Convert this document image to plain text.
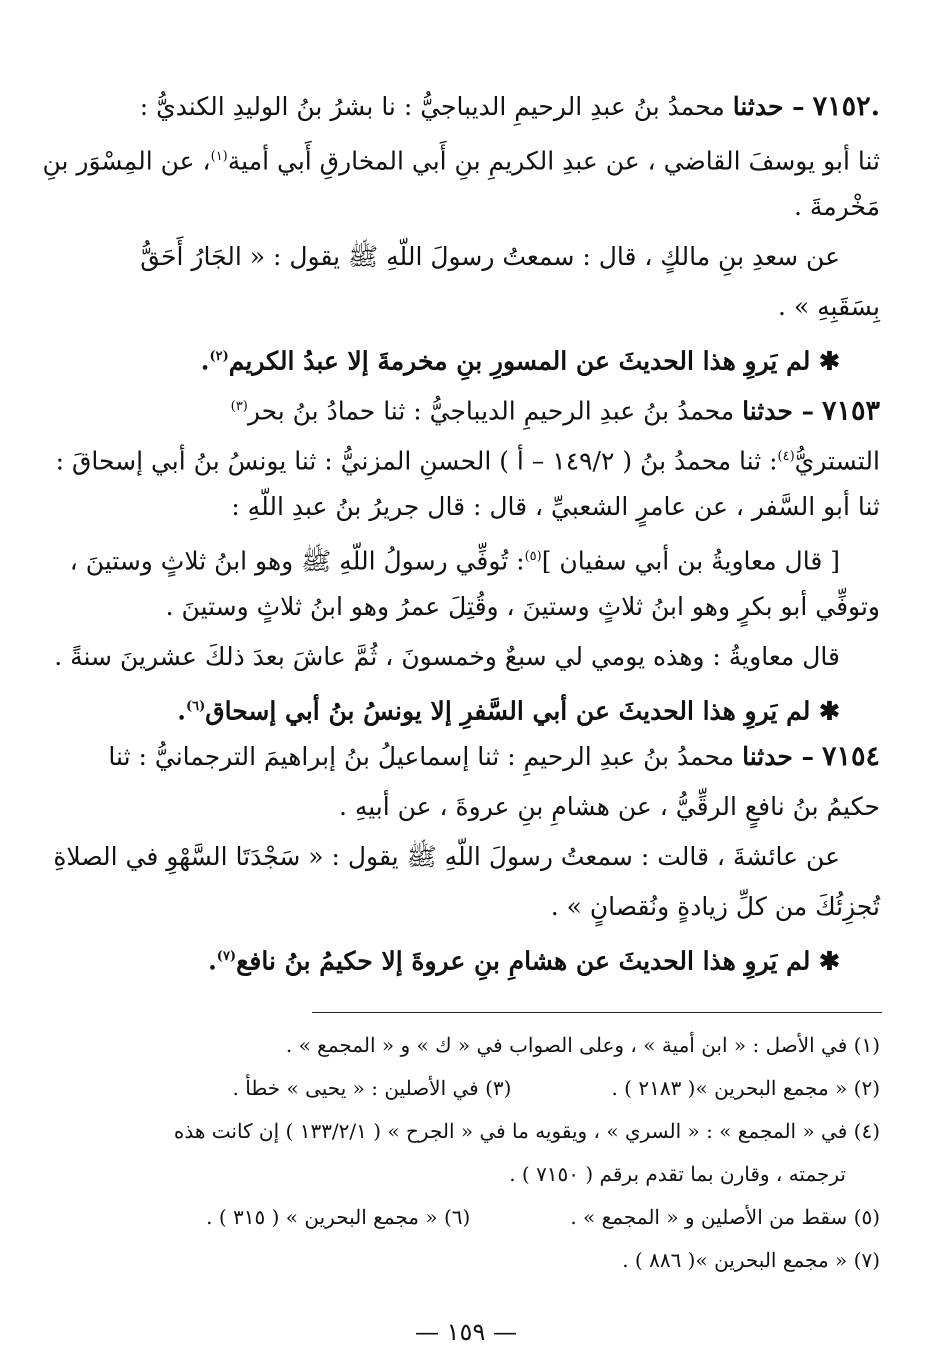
.٧١٥٢ – حدثنا محمدُ بنُ عبدِ الرحيمِ الديباجيُّ : نا بشرُ بنُ الوليدِ الكنديُّ :
ثنا أبو يوسفَ القاضي ، عن عبدِ الكريمِ بنِ أَبي المخارقِ أَبي أمية$^{(١)}$، عن المِسْوَر بنِ
مَخْرمةَ .
عن سعدِ بنِ مالكٍ ، قال : سمعتُ رسولَ اللّهِ ﷺ يقول : « الجَارُ أَحَقُّ
بِسَقَبِهِ » .
✱ لم يَروِ هذا الحديثَ عن المسورِ بنِ مخرمةَ إلا عبدُ الكريم$^{(٢)}$.
٧١٥٣ – حدثنا محمدُ بنُ عبدِ الرحيمِ الديباجيُّ : ثنا حمادُ بنُ بحر$^{(٣)}$
التستريُّ$^{(٤)}$: ثنا محمدُ بنُ ( ١٤٩/٢ – أ ) الحسنِ المزنيُّ : ثنا يونسُ بنُ أبي إسحاقَ :
ثنا أبو السَّفر ، عن عامرٍ الشعبيِّ ، قال : قال جريرُ بنُ عبدِ اللّهِ :
[ قال معاويةُ بن أبي سفيان ]$^{(٥)}$: تُوفِّي رسولُ اللّهِ ﷺ وهو ابنُ ثلاثٍ وستينَ ،
وتوفِّي أبو بكرٍ وهو ابنُ ثلاثٍ وستينَ ، وقُتِلَ عمرُ وهو ابنُ ثلاثٍ وستينَ .
قال معاويةُ : وهذه يومي لي سبعٌ وخمسونَ ، ثُمَّ عاشَ بعدَ ذلكَ عشرينَ سنةً .
✱ لم يَروِ هذا الحديثَ عن أبي السَّفرِ إلا يونسُ بنُ أبي إسحاق$^{(٦)}$.
٧١٥٤ – حدثنا محمدُ بنُ عبدِ الرحيمِ : ثنا إسماعيلُ بنُ إبراهيمَ الترجمانيُّ : ثنا
حكيمُ بنُ نافعٍ الرقِّيُّ ، عن هشامِ بنِ عروةَ ، عن أبيهِ .
عن عائشةَ ، قالت : سمعتُ رسولَ اللّهِ ﷺ يقول : « سَجْدَتَا السَّهْوِ في الصلاةِ
تُجزِئُكَ من كلِّ زيادةٍ ونُقصانٍ » .
✱ لم يَروِ هذا الحديثَ عن هشامِ بنِ عروةَ إلا حكيمُ بنُ نافع$^{(٧)}$.
(١) في الأصل : « ابن أمية » ، وعلى الصواب في « ك » و « المجمع » .
(٢) « مجمع البحرين »( ٢١٨٣ ) .(٣) في الأصلين : « يحيى » خطأ .
(٤) في « المجمع » : « السري » ، ويقويه ما في « الجرح » ( ١٣٣/٢/١ ) إن كانت هذه
ترجمته ، وقارن بما تقدم برقم ( ٧١٥٠ ) .
(٥) سقط من الأصلين و « المجمع » .(٦) « مجمع البحرين » ( ٣١٥ ) .
(٧) « مجمع البحرين »( ٨٨٦ ) .
— ١٥٩ —
